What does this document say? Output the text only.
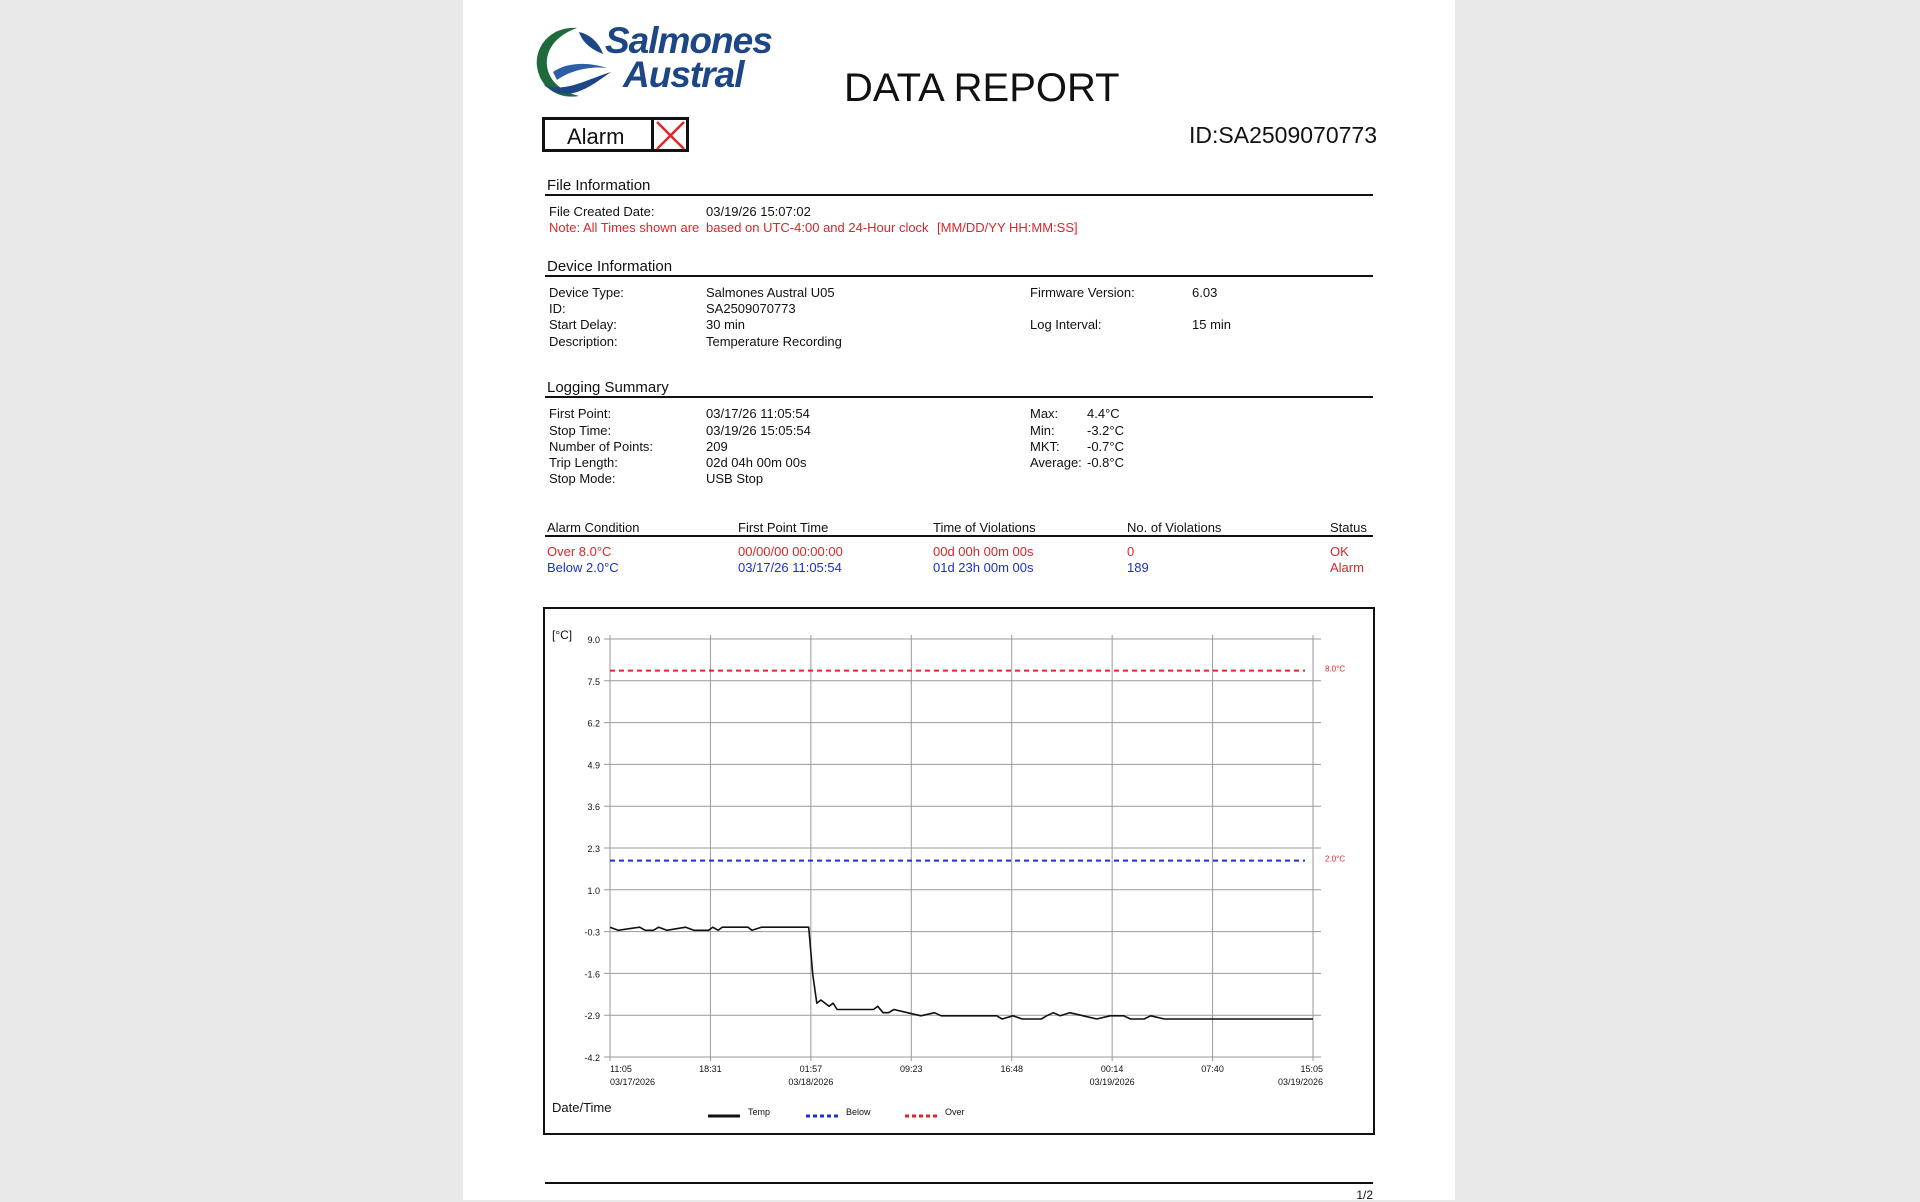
Salmones
Austral	DATA REPORT
Alarm	ID:SA2509070773
File Information
File Created Date:	03/19/26 15:07:02
Note: All Times shown are based on UTC-4:00 and 24-Hour clock [MM/DD/YY HH:MM:SS]
Device Information
Device Type:	Salmones Austral U05
ID:	SA2509070773
Start Delay:	30 min
Description:	Temperature Recording
Firmware Version:	6.03
Log Interval:	15 min
Logging Summary
First Point:	03/17/26 11:05:54
Stop Time:	03/19/26 15:05:54
Number of Points:	209
Trip Length:	02d 04h 00m 00s
Stop Mode:	USB Stop
Max: 4.4°C
Min: -3.2°C
MKT: -0.7°C
Average: -0.8°C
Alarm Condition	First Point Time	Time of Violations	No. of Violations	Status
Over 8.0°C	00/00/00 00:00:00	00d 00h 00m 00s	0	OK
Below 2.0°C	03/17/26 11:05:54	01d 23h 00m 00s	189	Alarm
9.0
7.5
6.2
4.9
3.6
2.3
1.0
-0.3
-1.6
-2.9
-4.2
11:05
03/17/2026
18:31	01:57
03/18/2026
09:23	16:48	00:14
03/19/2026
07:40	15:05
03/19/2026
8.0°C
2.0°C
[°C]
Date/Time	Temp	Below	Over
1/2
